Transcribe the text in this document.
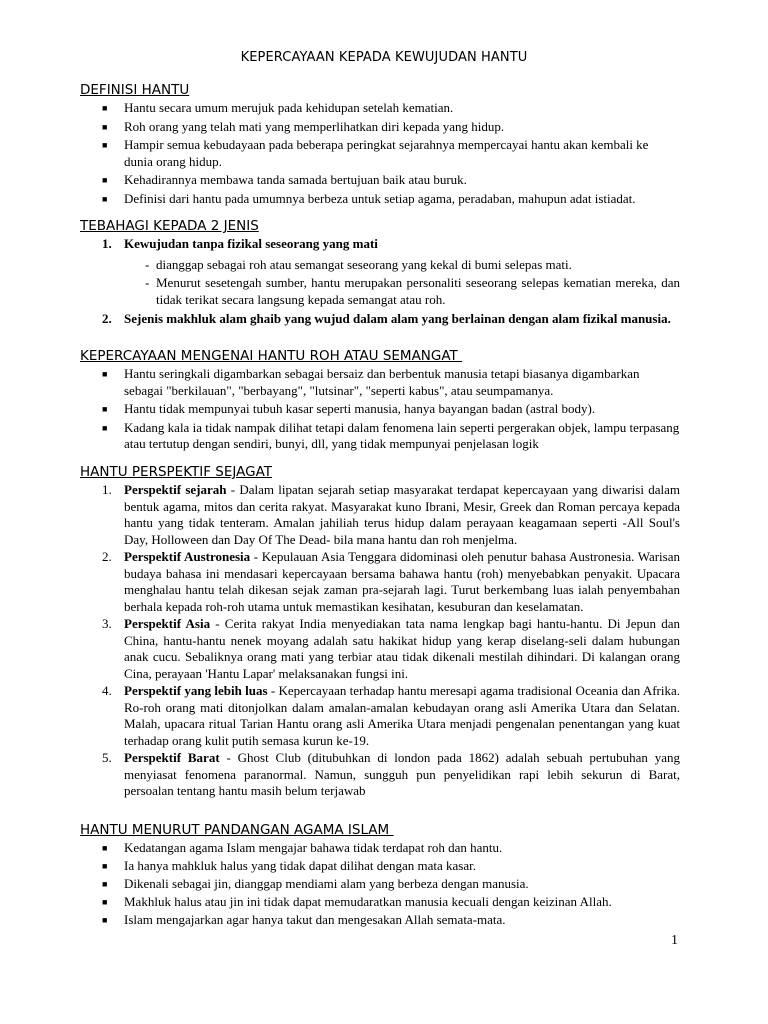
KEPERCAYAAN KEPADA KEWUJUDAN HANTU
DEFINISI HANTU
■ Hantu secara umum merujuk pada kehidupan setelah kematian.
■ Roh orang yang telah mati yang memperlihatkan diri kepada yang hidup.
■ Hampir semua kebudayaan pada beberapa peringkat sejarahnya mempercayai hantu akan kembali ke dunia orang hidup.
■ Kehadirannya membawa tanda samada bertujuan baik atau buruk.
■ Definisi dari hantu pada umumnya berbeza untuk setiap agama, peradaban, mahupun adat istiadat.
TEBAHAGI KEPADA 2 JENIS
1. Kewujudan tanpa fizikal seseorang yang mati
- dianggap sebagai roh atau semangat seseorang yang kekal di bumi selepas mati.
- Menurut sesetengah sumber, hantu merupakan personaliti seseorang selepas kematian mereka, dan tidak terikat secara langsung kepada semangat atau roh.
2. Sejenis makhluk alam ghaib yang wujud dalam alam yang berlainan dengan alam fizikal manusia.
KEPERCAYAAN MENGENAI HANTU ROH ATAU SEMANGAT
■ Hantu seringkali digambarkan sebagai bersaiz dan berbentuk manusia tetapi biasanya digambarkan sebagai "berkilauan", "berbayang", "lutsinar", "seperti kabus", atau seumpamanya.
■ Hantu tidak mempunyai tubuh kasar seperti manusia, hanya bayangan badan (astral body).
■ Kadang kala ia tidak nampak dilihat tetapi dalam fenomena lain seperti pergerakan objek, lampu terpasang atau tertutup dengan sendiri, bunyi, dll, yang tidak mempunyai penjelasan logik
HANTU PERSPEKTIF SEJAGAT
1. Perspektif sejarah - Dalam lipatan sejarah setiap masyarakat terdapat kepercayaan yang diwarisi dalam bentuk agama, mitos dan cerita rakyat. Masyarakat kuno Ibrani, Mesir, Greek dan Roman percaya kepada hantu yang tidak tenteram. Amalan jahiliah terus hidup dalam perayaan keagamaan seperti -All Soul's Day, Holloween dan Day Of The Dead- bila mana hantu dan roh menjelma.
2. Perspektif Austronesia - Kepulauan Asia Tenggara didominasi oleh penutur bahasa Austronesia. Warisan budaya bahasa ini mendasari kepercayaan bersama bahawa hantu (roh) menyebabkan penyakit. Upacara menghalau hantu telah dikesan sejak zaman pra-sejarah lagi. Turut berkembang luas ialah penyembahan berhala kepada roh-roh utama untuk memastikan kesihatan, kesuburan dan keselamatan.
3. Perspektif Asia - Cerita rakyat India menyediakan tata nama lengkap bagi hantu-hantu. Di Jepun dan China, hantu-hantu nenek moyang adalah satu hakikat hidup yang kerap diselang-seli dalam hubungan anak cucu. Sebaliknya orang mati yang terbiar atau tidak dikenali mestilah dihindari. Di kalangan orang Cina, perayaan 'Hantu Lapar' melaksanakan fungsi ini.
4. Perspektif yang lebih luas - Kepercayaan terhadap hantu meresapi agama tradisional Oceania dan Afrika. Ro-roh orang mati ditonjolkan dalam amalan-amalan kebudayan orang asli Amerika Utara dan Selatan. Malah, upacara ritual Tarian Hantu orang asli Amerika Utara menjadi pengenalan penentangan yang kuat terhadap orang kulit putih semasa kurun ke-19.
5. Perspektif Barat - Ghost Club (ditubuhkan di london pada 1862) adalah sebuah pertubuhan yang menyiasat fenomena paranormal. Namun, sungguh pun penyelidikan rapi lebih sekurun di Barat, persoalan tentang hantu masih belum terjawab
HANTU MENURUT PANDANGAN AGAMA ISLAM
■ Kedatangan agama Islam mengajar bahawa tidak terdapat roh dan hantu.
■ Ia hanya mahkluk halus yang tidak dapat dilihat dengan mata kasar.
■ Dikenali sebagai jin, dianggap mendiami alam yang berbeza dengan manusia.
■ Makhluk halus atau jin ini tidak dapat memudaratkan manusia kecuali dengan keizinan Allah.
■ Islam mengajarkan agar hanya takut dan mengesakan Allah semata-mata.
1
